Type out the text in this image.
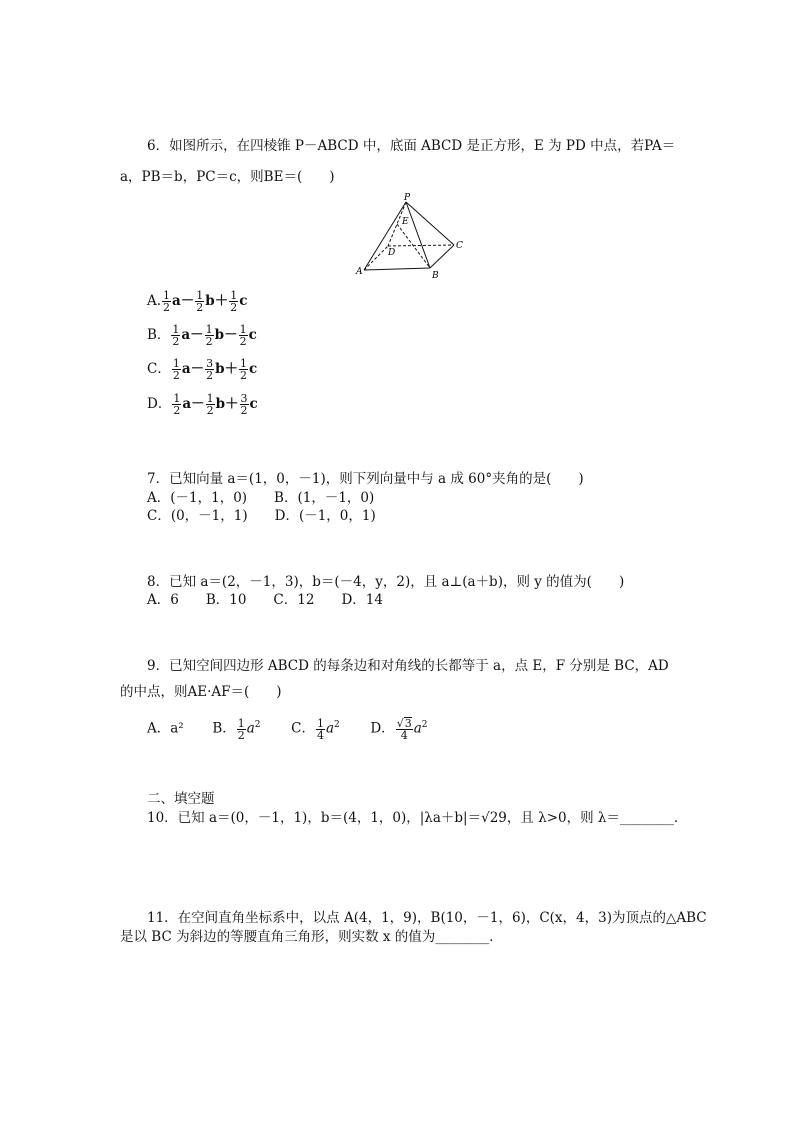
6．如图所示，在四棱锥 P－ABCD 中，底面 ABCD 是正方形，E 为 PD 中点，若PA＝
a，PB＝b，PC＝c，则BE＝(　　)
P
E
D
C
A	B
A. $\frac{1}{2} a- \frac{1}{2} b+ \frac{1}{2}$ c
B． $\frac{1}{2} a- \frac{1}{2} b- \frac{1}{2}$ c
C． $\frac{1}{2} a- \frac{3}{2} b+ \frac{1}{2}$ c
D． $\frac{1}{2} a- \frac{1}{2} b+ \frac{3}{2}$ c
7．已知向量 a＝(1，0，－1)，则下列向量中与 a 成 60°夹角的是(　　)
A．(－1，1，0)　　B．(1，－1，0)
C．(0，－1，1)　　D．(－1，0，1)
8．已知 a＝(2，－1，3)，b＝(－4，y，2)，且 a⊥(a＋b)，则 y 的值为(　　)
A．6　　B．10　　C．12　　D．14
9．已知空间四边形 ABCD 的每条边和对角线的长都等于 a，点 E，F 分别是 BC，AD
的中点，则AE·AF＝(　　)
A．a² B． $\frac{1}{2} a^2$ C． $\frac{1}{4} a^2$ D． $\frac{√3}{4} a^2$
二、填空题
10．已知 a＝(0，－1，1)，b＝(4，1，0)，|λa＋b|＝√29，且 λ>0，则 λ＝________．
11．在空间直角坐标系中，以点 A(4，1，9)，B(10，－1，6)，C(x，4，3)为顶点的△ABC
是以 BC 为斜边的等腰直角三角形，则实数 x 的值为________．
